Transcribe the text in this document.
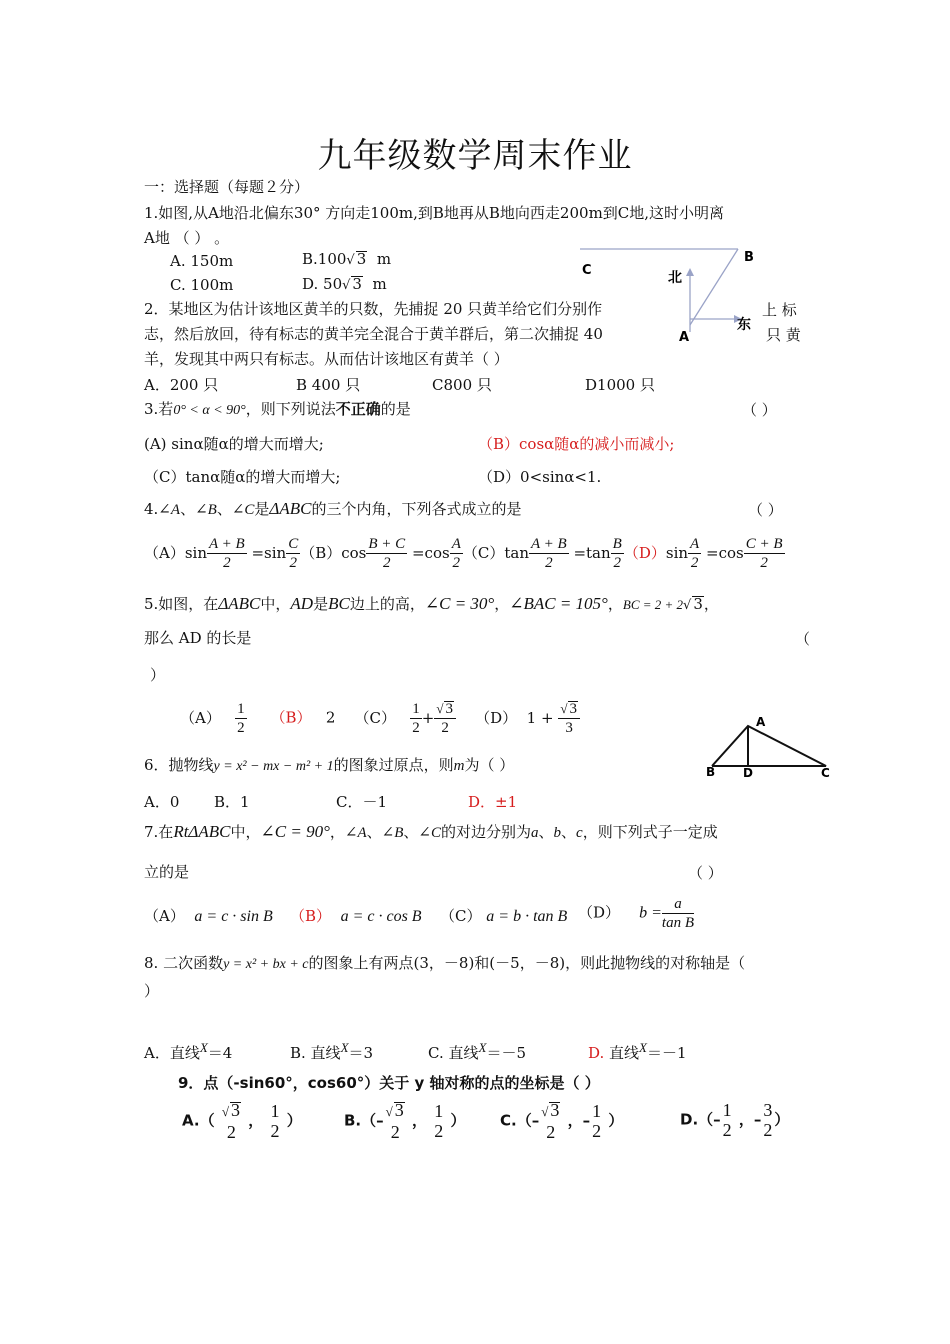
九年级数学周末作业
一：选择题（每题２分）
1.如图,从A地沿北偏东30° 方向走100m,到B地再从B地向西走200m到C地,这时小明离
A地 （ ） 。
A. 150m	B.100√ 3 m
C. 100m	D. 50√ 3 m
C
B
北
A
东
2．某地区为估计该地区黄羊的只数，先捕捉 20 只黄羊给它们分别作	上 标
志，然后放回，待有标志的黄羊完全混合于黄羊群后，第二次捕捉 40	只 黄
羊，发现其中两只有标志。从而估计该地区有黄羊（ ）
A．200 只	B 400 只	C800 只	D1000 只
3.若0° < α < 90°，则下列说法不正确的是	（ ）
(A) sinα随α的增大而增大;	（B）cosα随α的减小而减小;
（C）tanα随α的增大而增大;	（D）0<sinα<1.
4.∠A、∠B、∠C是ΔABC的三个内角，下列各式成立的是	（ ）
$(A)\sin \frac{A + B}{2} =\sin \frac{C}{2} (B)\cos \frac{B + C}{2} =\cos \frac{A}{2} (C)\tan \frac{A + B}{2} =\tan \frac{B}{2} (D)\sin \frac{A}{2} =\cos \frac{C + B}{2}$
5.如图，在ΔABC中，AD是BC边上的高，∠C = 30°，∠BAC = 105°，BC = 2 + 2√ 3，
那么 AD 的长是	（
）
$(A) \frac{1}{2} (B)$ 2 $(C) \frac{1}{2} + \frac{√ 3}{2} (D) 1 + \frac{√ 3}{3}$	A
B D	C
6．抛物线y = x² − mx − m² + 1的图象过原点，则m为（ ）
A．0 B．1	C．－1	D．±1
7.在RtΔABC中，∠C = 90°，∠A、∠B、∠C的对边分别为a、b、c，则下列式子一定成
立的是	（ ）
（A） a = c · sin B （B） a = c · cos B （C） a = b · tan B （D） $b = \frac{a}{\text{tan B}}$
8. 二次函数y = x² + bx + c的图象上有两点(3，－8)和(－5，－8)，则此抛物线的对称轴是（
）
A．直线$^X$＝4	B. 直线$^X$＝3	C. 直线$^X$＝－5	D. 直线$^X$＝－1
9．点（-sin60°，cos60°）关于 y 轴对称的点的坐标是（ ）
A.（ √ 3
2
， 1
2
）	B.（– √ 3
2
， 1
2
） C.（– √ 3
2
，– 1
2
）	D.（– 1
2
，– 3
2
）
